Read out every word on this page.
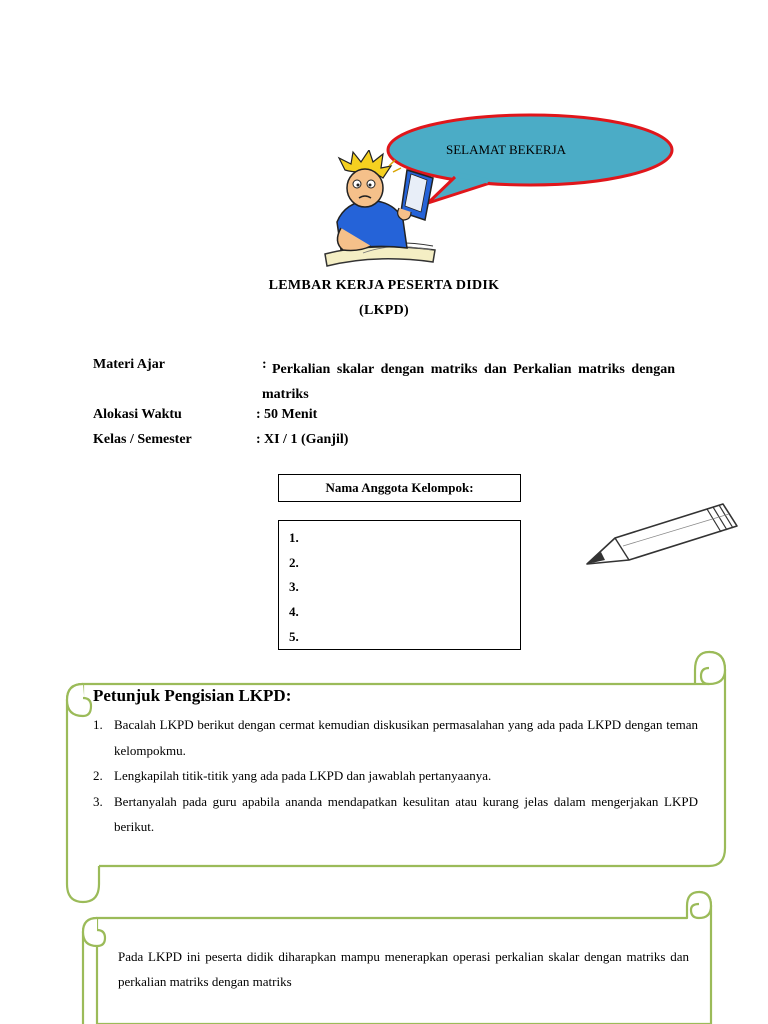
SELAMAT BEKERJA
LEMBAR KERJA PESERTA DIDIK
(LKPD)
Materi Ajar	: Perkalian skalar dengan matriks dan Perkalian matriks dengan matriks
Alokasi Waktu	: 50 Menit
Kelas / Semester	: XI / 1 (Ganjil)
Nama Anggota Kelompok:
1.
2.
3.
4.
5.
Petunjuk Pengisian LKPD:
1. Bacalah LKPD berikut dengan cermat kemudian diskusikan permasalahan yang ada pada LKPD dengan teman kelompokmu.
2. Lengkapilah titik-titik yang ada pada LKPD dan jawablah pertanyaanya.
3. Bertanyalah pada guru apabila ananda mendapatkan kesulitan atau kurang jelas dalam mengerjakan LKPD berikut.
Pada LKPD ini peserta didik diharapkan mampu menerapkan operasi perkalian skalar dengan matriks dan perkalian matriks dengan matriks
